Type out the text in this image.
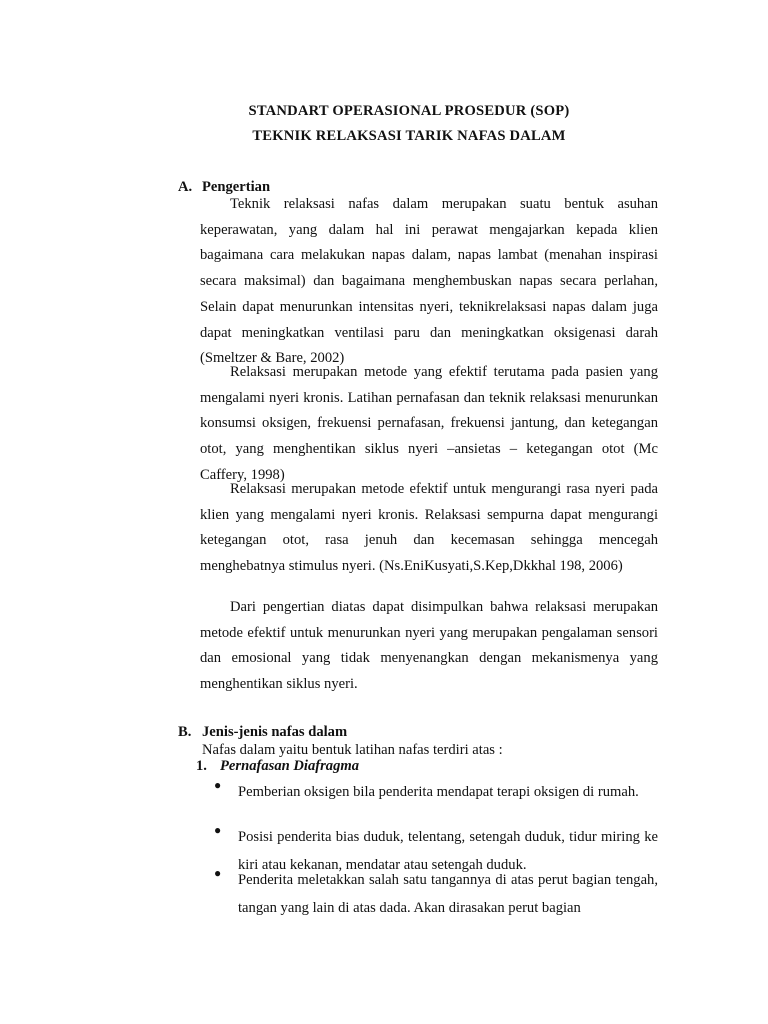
STANDART OPERASIONAL PROSEDUR (SOP)
TEKNIK RELAKSASI TARIK NAFAS DALAM
A. Pengertian

Teknik relaksasi nafas dalam merupakan suatu bentuk asuhan keperawatan, yang dalam hal ini perawat mengajarkan kepada klien bagaimana cara melakukan napas dalam, napas lambat (menahan inspirasi secara maksimal) dan bagaimana menghembuskan napas secara perlahan, Selain dapat menurunkan intensitas nyeri, teknikrelaksasi napas dalam juga dapat meningkatkan ventilasi paru dan meningkatkan oksigenasi darah (Smeltzer & Bare, 2002)

Relaksasi merupakan metode yang efektif terutama pada pasien yang mengalami nyeri kronis. Latihan pernafasan dan teknik relaksasi menurunkan konsumsi oksigen, frekuensi pernafasan, frekuensi jantung, dan ketegangan otot, yang menghentikan siklus nyeri –ansietas – ketegangan otot (Mc Caffery, 1998)

Relaksasi merupakan metode efektif untuk mengurangi rasa nyeri pada klien yang mengalami nyeri kronis. Relaksasi sempurna dapat mengurangi ketegangan otot, rasa jenuh dan kecemasan sehingga mencegah menghebatnya stimulus nyeri. (Ns.EniKusyati,S.Kep,Dkkhal 198, 2006)

Dari pengertian diatas dapat disimpulkan bahwa relaksasi merupakan metode efektif untuk menurunkan nyeri yang merupakan pengalaman sensori dan emosional yang tidak menyenangkan dengan mekanismenya yang menghentikan siklus nyeri.

B. Jenis-jenis nafas dalam

Nafas dalam yaitu bentuk latihan nafas terdiri atas :

1. Pernafasan Diafragma
● Pemberian oksigen bila penderita mendapat terapi oksigen di rumah.
● Posisi penderita bias duduk, telentang, setengah duduk, tidur miring ke kiri atau kekanan, mendatar atau setengah duduk.
● Penderita meletakkan salah satu tangannya di atas perut bagian tengah, tangan yang lain di atas dada. Akan dirasakan perut bagian
